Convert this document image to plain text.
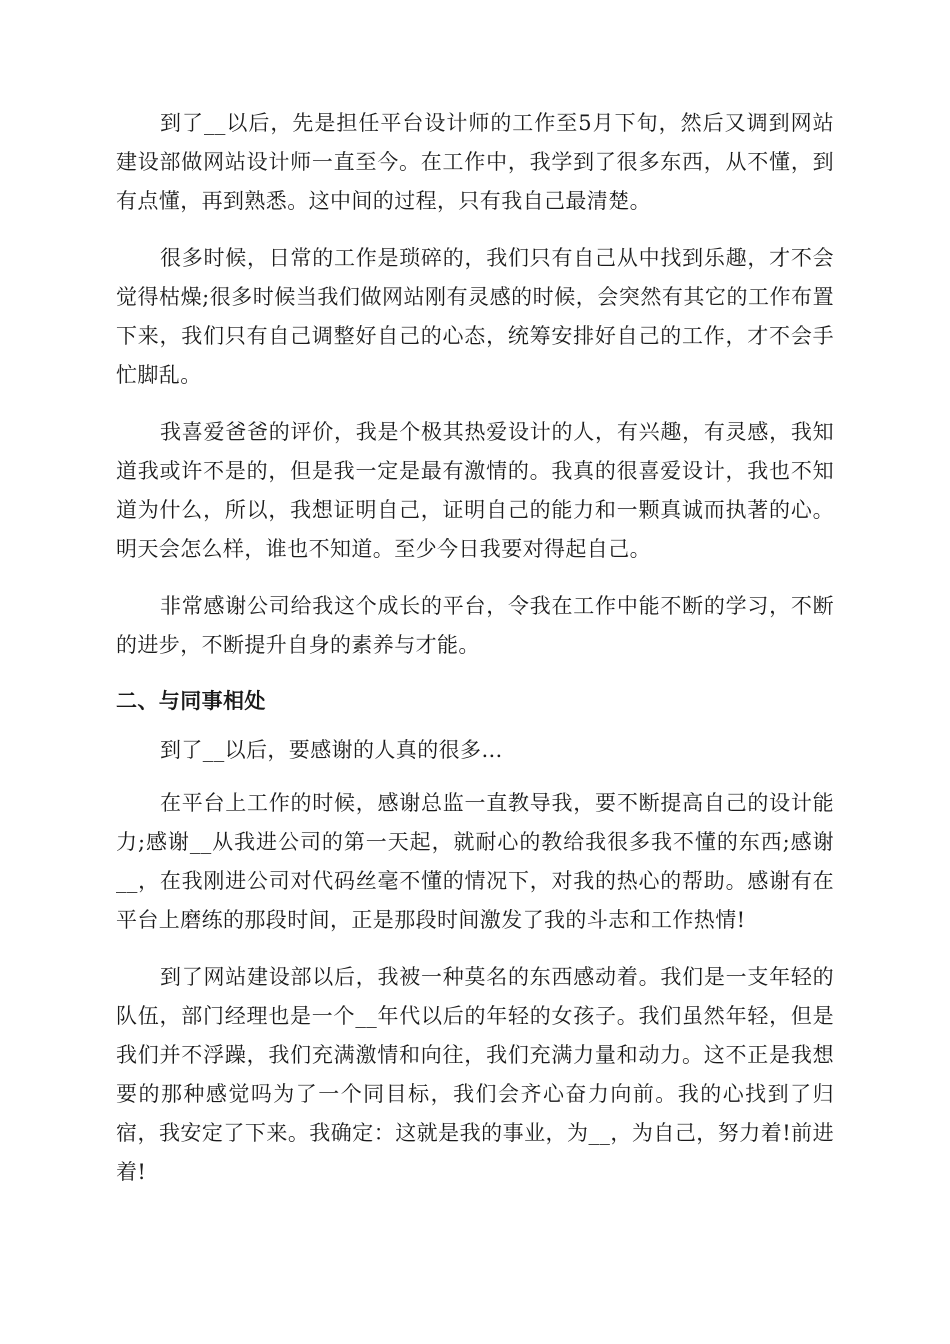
到了__以后，先是担任平台设计师的工作至5月下旬，然后又调到网站建设部做网站设计师一直至今。在工作中，我学到了很多东西，从不懂，到有点懂，再到熟悉。这中间的过程，只有我自己最清楚。

很多时候，日常的工作是琐碎的，我们只有自己从中找到乐趣，才不会觉得枯燥;很多时候当我们做网站刚有灵感的时候，会突然有其它的工作布置下来，我们只有自己调整好自己的心态，统筹安排好自己的工作，才不会手忙脚乱。

我喜爱爸爸的评价，我是个极其热爱设计的人，有兴趣，有灵感，我知道我或许不是的，但是我一定是最有激情的。我真的很喜爱设计，我也不知道为什么，所以，我想证明自己，证明自己的能力和一颗真诚而执著的心。明天会怎么样，谁也不知道。至少今日我要对得起自己。

非常感谢公司给我这个成长的平台，令我在工作中能不断的学习，不断的进步，不断提升自身的素养与才能。

二、与同事相处

到了__以后，要感谢的人真的很多…

在平台上工作的时候，感谢总监一直教导我，要不断提高自己的设计能力;感谢__从我进公司的第一天起，就耐心的教给我很多我不懂的东西;感谢__，在我刚进公司对代码丝毫不懂的情况下，对我的热心的帮助。感谢有在平台上磨练的那段时间，正是那段时间激发了我的斗志和工作热情!

到了网站建设部以后，我被一种莫名的东西感动着。我们是一支年轻的队伍，部门经理也是一个__年代以后的年轻的女孩子。我们虽然年轻，但是我们并不浮躁，我们充满激情和向往，我们充满力量和动力。这不正是我想要的那种感觉吗为了一个同目标，我们会齐心奋力向前。我的心找到了归宿，我安定了下来。我确定：这就是我的事业，为__，为自己，努力着!前进着!
